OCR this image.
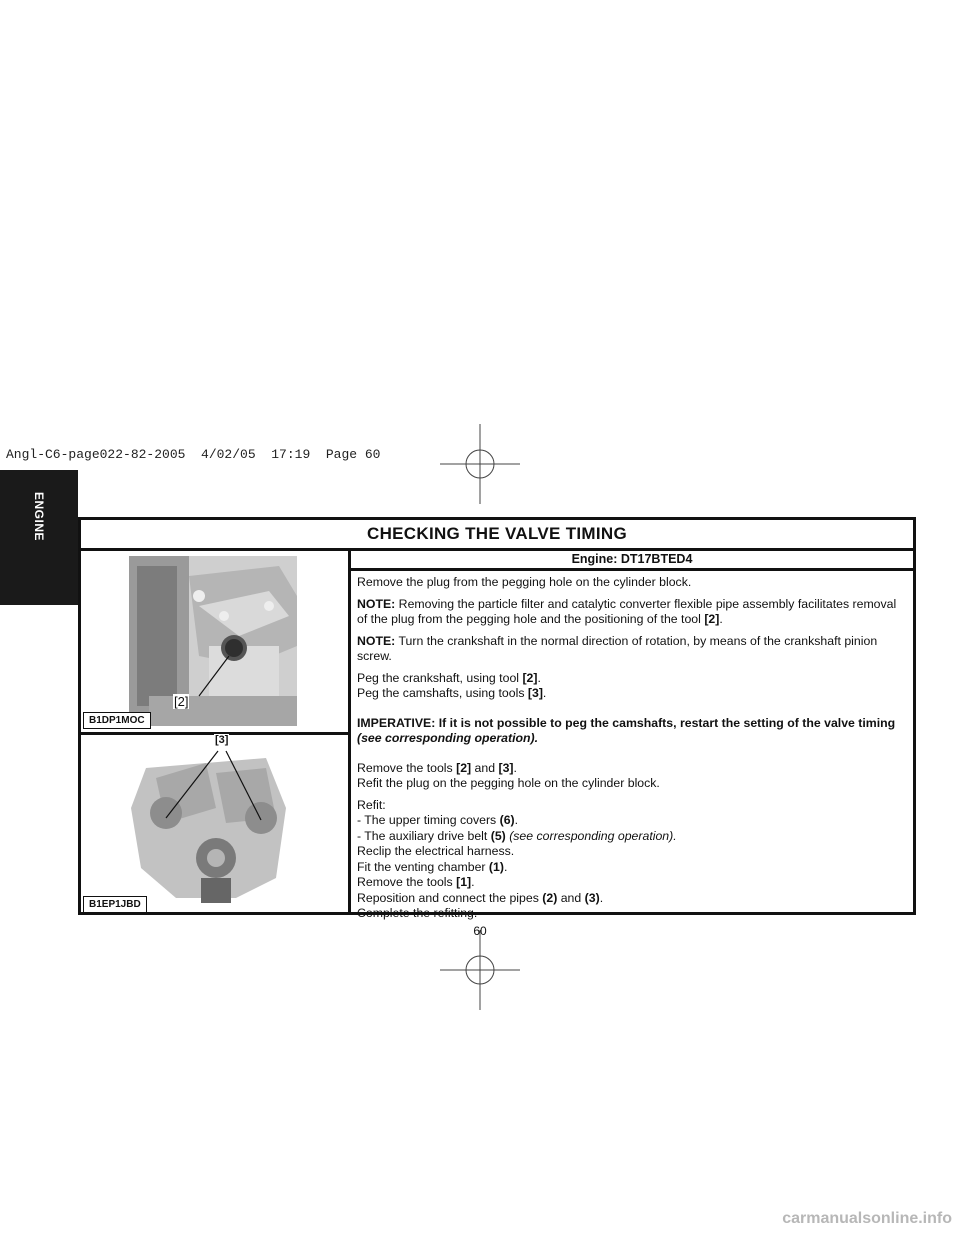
Angl-C6-page022-82-2005  4/02/05  17:19  Page 60
ENGINE	CHECKING THE VALVE TIMING
[2]
B1DP1MOC
[3]
B1EP1JBD
Engine: DT17BTED4

Remove the plug from the pegging hole on the cylinder block.

NOTE: Removing the particle filter and catalytic converter flexible pipe assembly facilitates removal of the plug from the pegging hole and the positioning of the tool [2].

NOTE: Turn the crankshaft in the normal direction of rotation, by means of the crankshaft pinion screw.

Peg the crankshaft, using tool [2].
Peg the camshafts, using tools [3].

IMPERATIVE: If it is not possible to peg the camshafts, restart the setting of the valve timing
(see corresponding operation).

Remove the tools [2] and [3].
Refit the plug on the pegging hole on the cylinder block.

Refit:
- The upper timing covers (6).
- The auxiliary drive belt (5) (see corresponding operation).
Reclip the electrical harness.
Fit the venting chamber (1).
Remove the tools [1].
Reposition and connect the pipes (2) and (3).
Complete the refitting.

60
carmanualsonline.info
